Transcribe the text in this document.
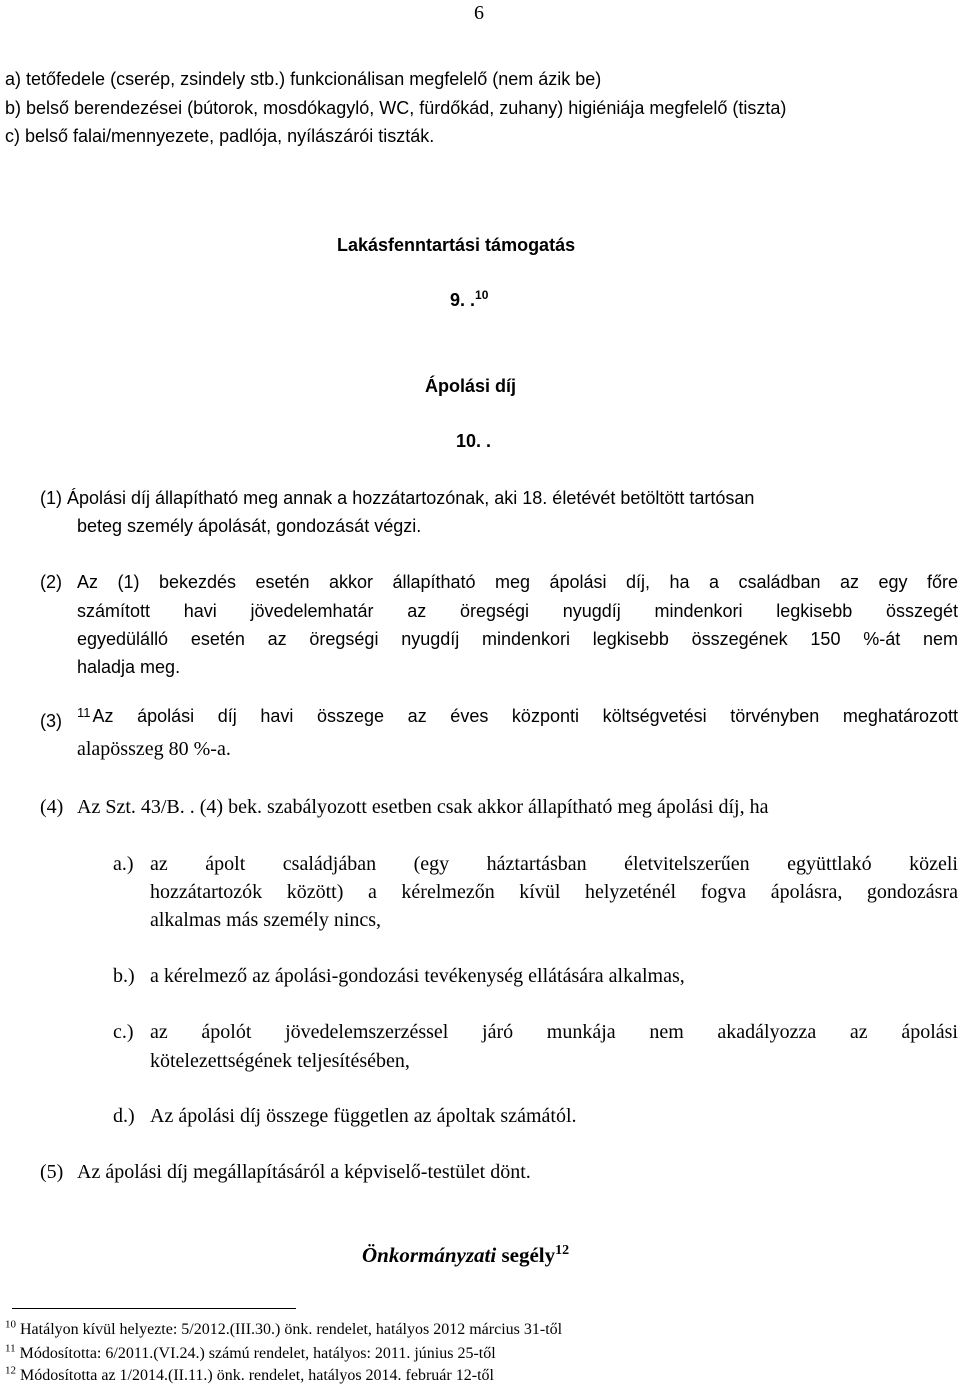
6
a) tetőfedele (cserép, zsindely stb.) funkcionálisan megfelelő (nem ázik be)
b) belső berendezései (bútorok, mosdókagyló, WC, fürdőkád, zuhany) higiéniája megfelelő (tiszta)
c) belső falai/mennyezete, padlója, nyílászárói tiszták.
Lakásfenntartási támogatás
9. .$^{10}$
Ápolási díj
10. .
(1) Ápolási díj állapítható meg annak a hozzátartozónak, aki 18. életévét betöltött tartósan
beteg személy ápolását, gondozását végzi.
(2) Az (1) bekezdés esetén akkor állapítható meg ápolási díj, ha a családban az egy főre
számított havi jövedelemhatár az öregségi nyugdíj mindenkori legkisebb összegét
egyedülálló esetén az öregségi nyugdíj mindenkori legkisebb összegének 150 %-át nem
haladja meg.
(3) $^{11}$ Az ápolási díj havi összege az éves központi költségvetési törvényben meghatározott
alapösszeg 80 %-a.
(4) Az Szt. 43/B. . (4) bek. szabályozott esetben csak akkor állapítható meg ápolási díj, ha
a.) az ápolt családjában (egy háztartásban életvitelszerűen együttlakó közeli
hozzátartozók között) a kérelmezőn kívül helyzeténél fogva ápolásra, gondozásra
alkalmas más személy nincs,
b.) a kérelmező az ápolási-gondozási tevékenység ellátására alkalmas,
c.) az ápolót jövedelemszerzéssel járó munkája nem akadályozza az ápolási
kötelezettségének teljesítésében,
d.) Az ápolási díj összege független az ápoltak számától.
(5) Az ápolási díj megállapításáról a képviselő-testület dönt.
Önkormányzati segély$^{12}$
$^{10}$ Hatályon kívül helyezte: 5/2012.(III.30.) önk. rendelet, hatályos 2012 március 31-től
$^{11}$ Módosította: 6/2011.(VI.24.) számú rendelet, hatályos: 2011. június 25-től
$^{12}$ Módosította az 1/2014.(II.11.) önk. rendelet, hatályos 2014. február 12-től
